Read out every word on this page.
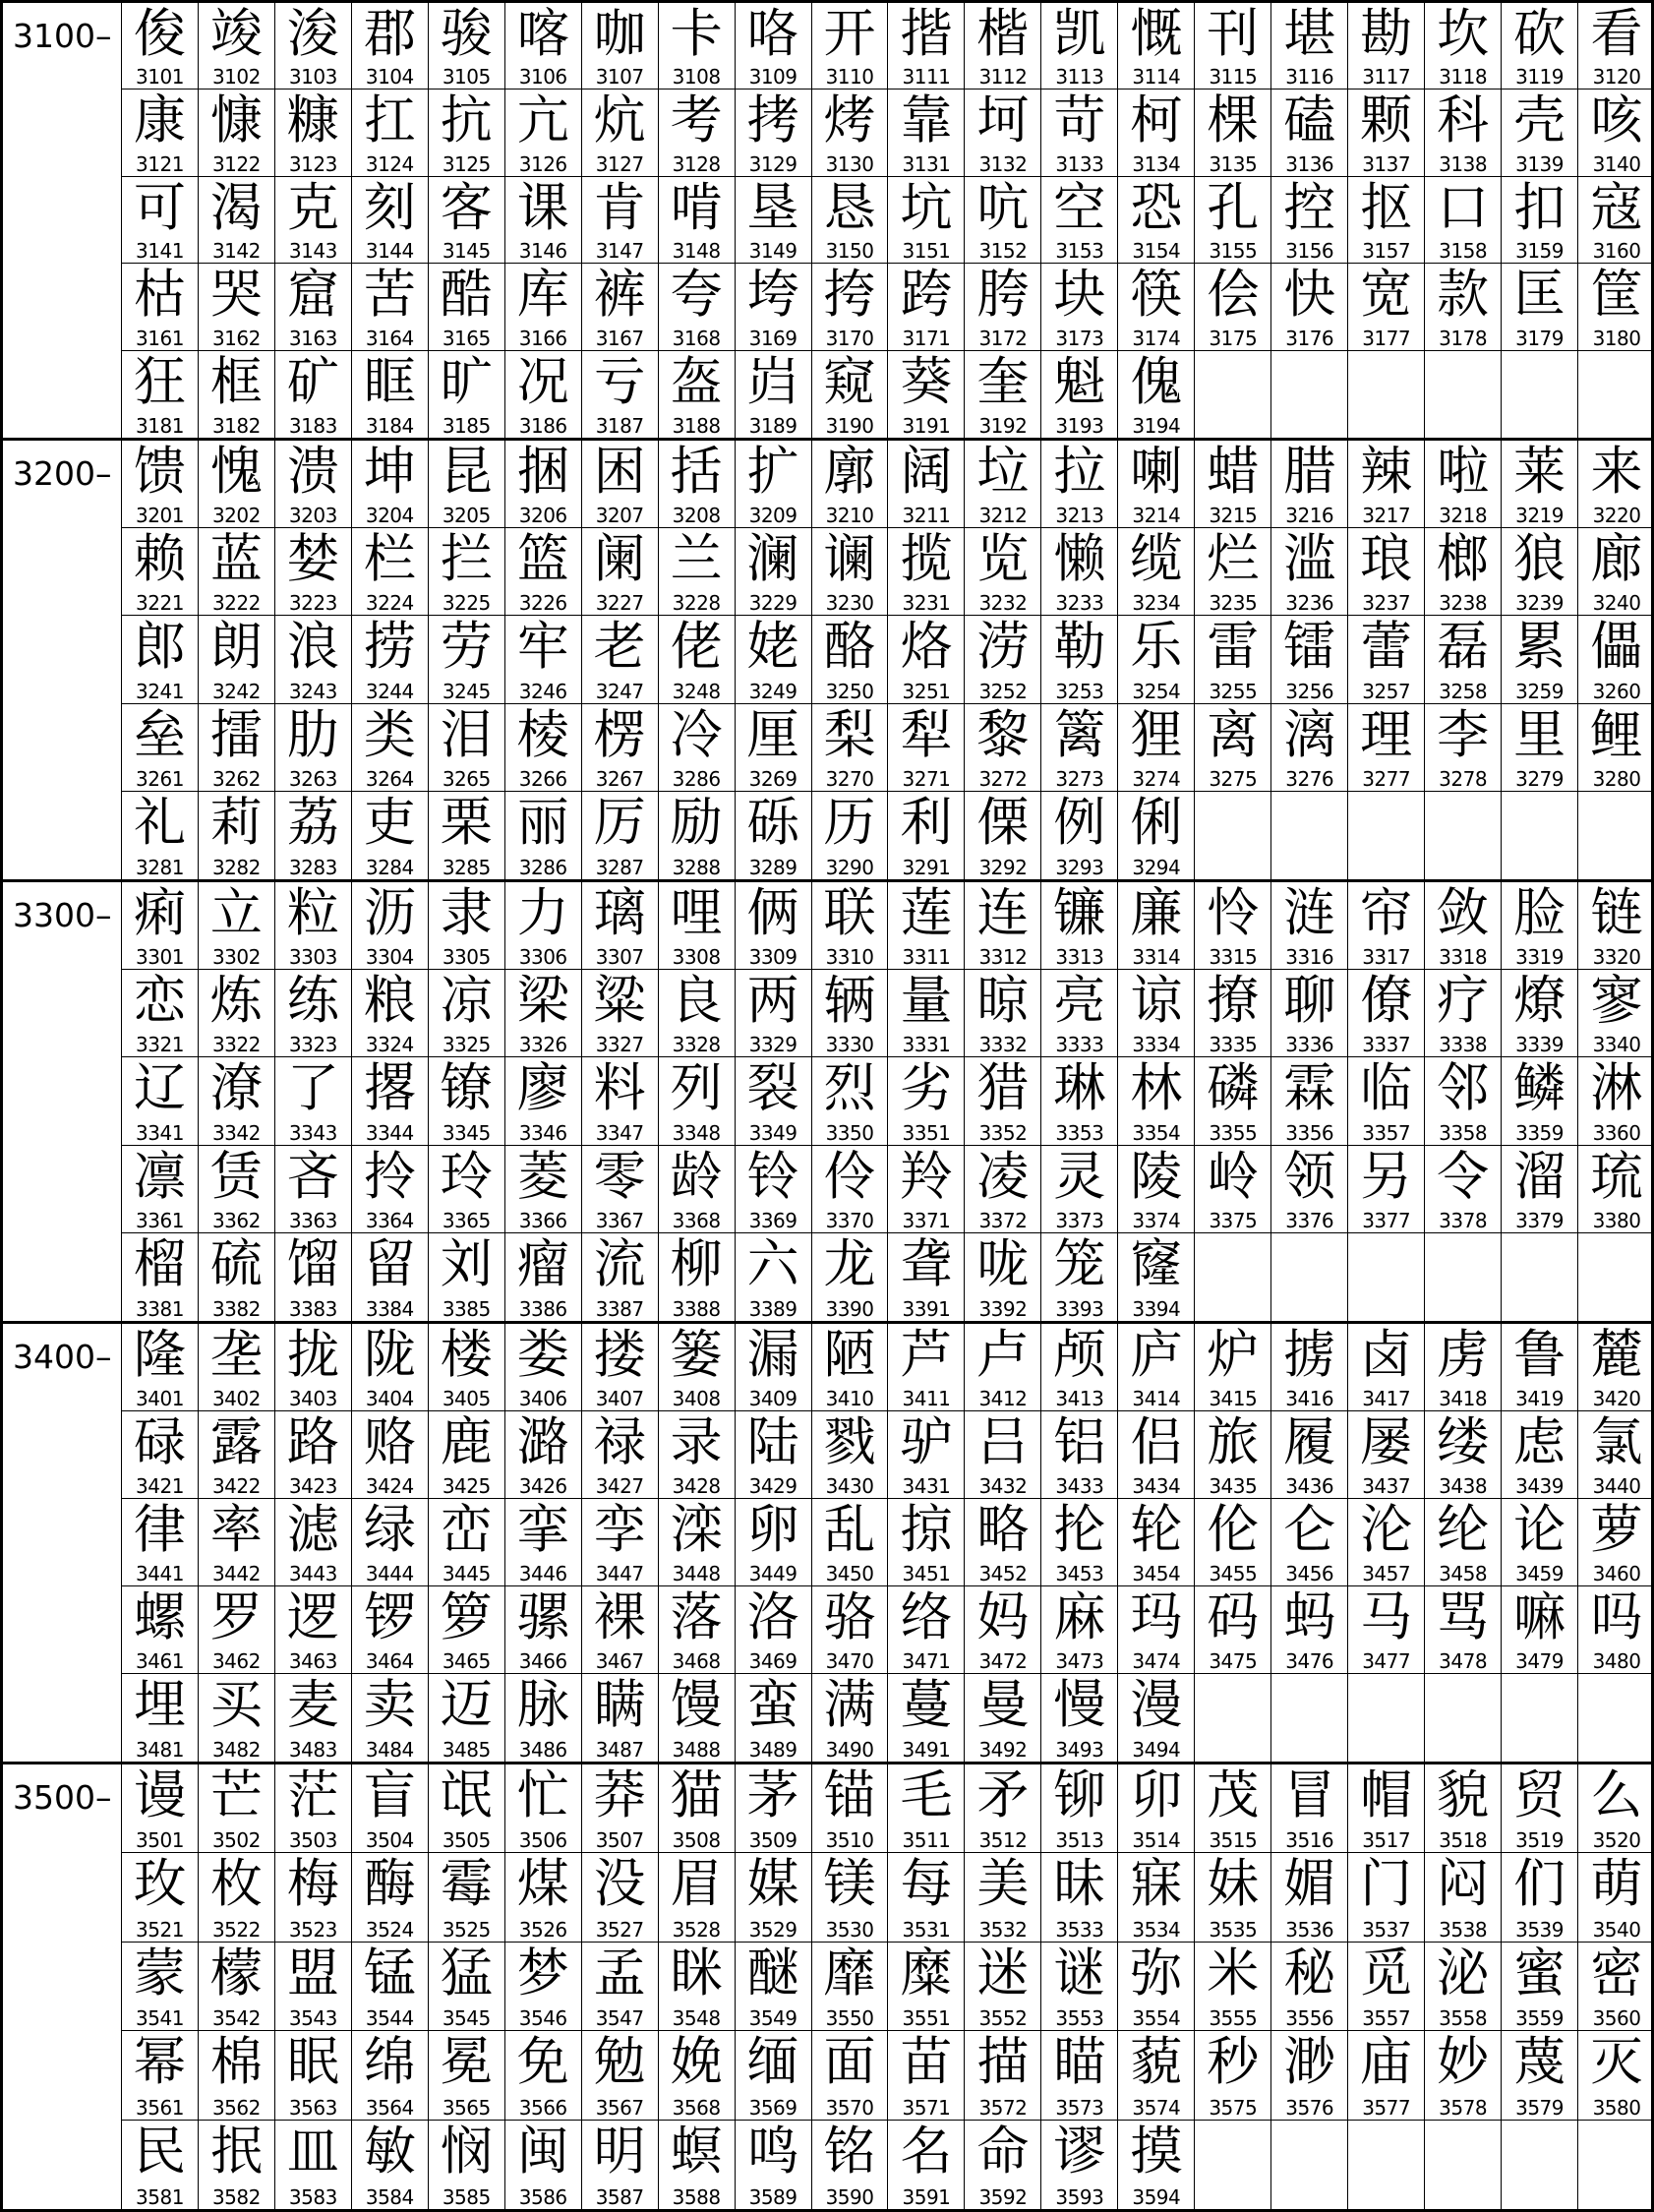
3100– 俊
3101
竣
3102
浚
3103
郡
3104
骏
3105
喀
3106
咖
3107
卡
3108
咯
3109
开
3110
揩
3111
楷
3112
凯
3113
慨
3114
刊
3115
堪
3116
勘
3117
坎
3118
砍
3119
看
3120
康
3121
慷
3122
糠
3123
扛
3124
抗
3125
亢
3126
炕
3127
考
3128
拷
3129
烤
3130
靠
3131
坷
3132
苛
3133
柯
3134
棵
3135
磕
3136
颗
3137
科
3138
壳
3139
咳
3140
可
3141
渴
3142
克
3143
刻
3144
客
3145
课
3146
肯
3147
啃
3148
垦
3149
恳
3150
坑
3151
吭
3152
空
3153
恐
3154
孔
3155
控
3156
抠
3157
口
3158
扣
3159
寇
3160
枯
3161
哭
3162
窟
3163
苦
3164
酷
3165
库
3166
裤
3167
夸
3168
垮
3169
挎
3170
跨
3171
胯
3172
块
3173
筷
3174
侩
3175
快
3176
宽
3177
款
3178
匡
3179
筐
3180
狂
3181
框
3182
矿
3183
眶
3184
旷
3185
况
3186
亏
3187
盔
3188
岿
3189
窥
3190
葵
3191
奎
3192
魁
3193
傀
3194
3200– 馈
3201
愧
3202
溃
3203
坤
3204
昆
3205
捆
3206
困
3207
括
3208
扩
3209
廓
3210
阔
3211
垃
3212
拉
3213
喇
3214
蜡
3215
腊
3216
辣
3217
啦
3218
莱
3219
来
3220
赖
3221
蓝
3222
婪
3223
栏
3224
拦
3225
篮
3226
阑
3227
兰
3228
澜
3229
谰
3230
揽
3231
览
3232
懒
3233
缆
3234
烂
3235
滥
3236
琅
3237
榔
3238
狼
3239
廊
3240
郎
3241
朗
3242
浪
3243
捞
3244
劳
3245
牢
3246
老
3247
佬
3248
姥
3249
酪
3250
烙
3251
涝
3252
勒
3253
乐
3254
雷
3255
镭
3256
蕾
3257
磊
3258
累
3259
儡
3260
垒
3261
擂
3262
肋
3263
类
3264
泪
3265
棱
3266
楞
3267
冷
3286
厘
3269
梨
3270
犁
3271
黎
3272
篱
3273
狸
3274
离
3275
漓
3276
理
3277
李
3278
里
3279
鲤
3280
礼
3281
莉
3282
荔
3283
吏
3284
栗
3285
丽
3286
厉
3287
励
3288
砾
3289
历
3290
利
3291
傈
3292
例
3293
俐
3294
3300– 痢
3301
立
3302
粒
3303
沥
3304
隶
3305
力
3306
璃
3307
哩
3308
俩
3309
联
3310
莲
3311
连
3312
镰
3313
廉
3314
怜
3315
涟
3316
帘
3317
敛
3318
脸
3319
链
3320
恋
3321
炼
3322
练
3323
粮
3324
凉
3325
梁
3326
粱
3327
良
3328
两
3329
辆
3330
量
3331
晾
3332
亮
3333
谅
3334
撩
3335
聊
3336
僚
3337
疗
3338
燎
3339
寥
3340
辽
3341
潦
3342
了
3343
撂
3344
镣
3345
廖
3346
料
3347
列
3348
裂
3349
烈
3350
劣
3351
猎
3352
琳
3353
林
3354
磷
3355
霖
3356
临
3357
邻
3358
鳞
3359
淋
3360
凛
3361
赁
3362
吝
3363
拎
3364
玲
3365
菱
3366
零
3367
龄
3368
铃
3369
伶
3370
羚
3371
凌
3372
灵
3373
陵
3374
岭
3375
领
3376
另
3377
令
3378
溜
3379
琉
3380
榴
3381
硫
3382
馏
3383
留
3384
刘
3385
瘤
3386
流
3387
柳
3388
六
3389
龙
3390
聋
3391
咙
3392
笼
3393
窿
3394
3400– 隆
3401
垄
3402
拢
3403
陇
3404
楼
3405
娄
3406
搂
3407
篓
3408
漏
3409
陋
3410
芦
3411
卢
3412
颅
3413
庐
3414
炉
3415
掳
3416
卤
3417
虏
3418
鲁
3419
麓
3420
碌
3421
露
3422
路
3423
赂
3424
鹿
3425
潞
3426
禄
3427
录
3428
陆
3429
戮
3430
驴
3431
吕
3432
铝
3433
侣
3434
旅
3435
履
3436
屡
3437
缕
3438
虑
3439
氯
3440
律
3441
率
3442
滤
3443
绿
3444
峦
3445
挛
3446
孪
3447
滦
3448
卵
3449
乱
3450
掠
3451
略
3452
抡
3453
轮
3454
伦
3455
仑
3456
沦
3457
纶
3458
论
3459
萝
3460
螺
3461
罗
3462
逻
3463
锣
3464
箩
3465
骡
3466
裸
3467
落
3468
洛
3469
骆
3470
络
3471
妈
3472
麻
3473
玛
3474
码
3475
蚂
3476
马
3477
骂
3478
嘛
3479
吗
3480
埋
3481
买
3482
麦
3483
卖
3484
迈
3485
脉
3486
瞒
3487
馒
3488
蛮
3489
满
3490
蔓
3491
曼
3492
慢
3493
漫
3494
3500– 谩
3501
芒
3502
茫
3503
盲
3504
氓
3505
忙
3506
莽
3507
猫
3508
茅
3509
锚
3510
毛
3511
矛
3512
铆
3513
卯
3514
茂
3515
冒
3516
帽
3517
貌
3518
贸
3519
么
3520
玫
3521
枚
3522
梅
3523
酶
3524
霉
3525
煤
3526
没
3527
眉
3528
媒
3529
镁
3530
每
3531
美
3532
昧
3533
寐
3534
妹
3535
媚
3536
门
3537
闷
3538
们
3539
萌
3540
蒙
3541
檬
3542
盟
3543
锰
3544
猛
3545
梦
3546
孟
3547
眯
3548
醚
3549
靡
3550
糜
3551
迷
3552
谜
3553
弥
3554
米
3555
秘
3556
觅
3557
泌
3558
蜜
3559
密
3560
幂
3561
棉
3562
眠
3563
绵
3564
冕
3565
免
3566
勉
3567
娩
3568
缅
3569
面
3570
苗
3571
描
3572
瞄
3573
藐
3574
秒
3575
渺
3576
庙
3577
妙
3578
蔑
3579
灭
3580
民
3581
抿
3582
皿
3583
敏
3584
悯
3585
闽
3586
明
3587
螟
3588
鸣
3589
铭
3590
名
3591
命
3592
谬
3593
摸
3594
